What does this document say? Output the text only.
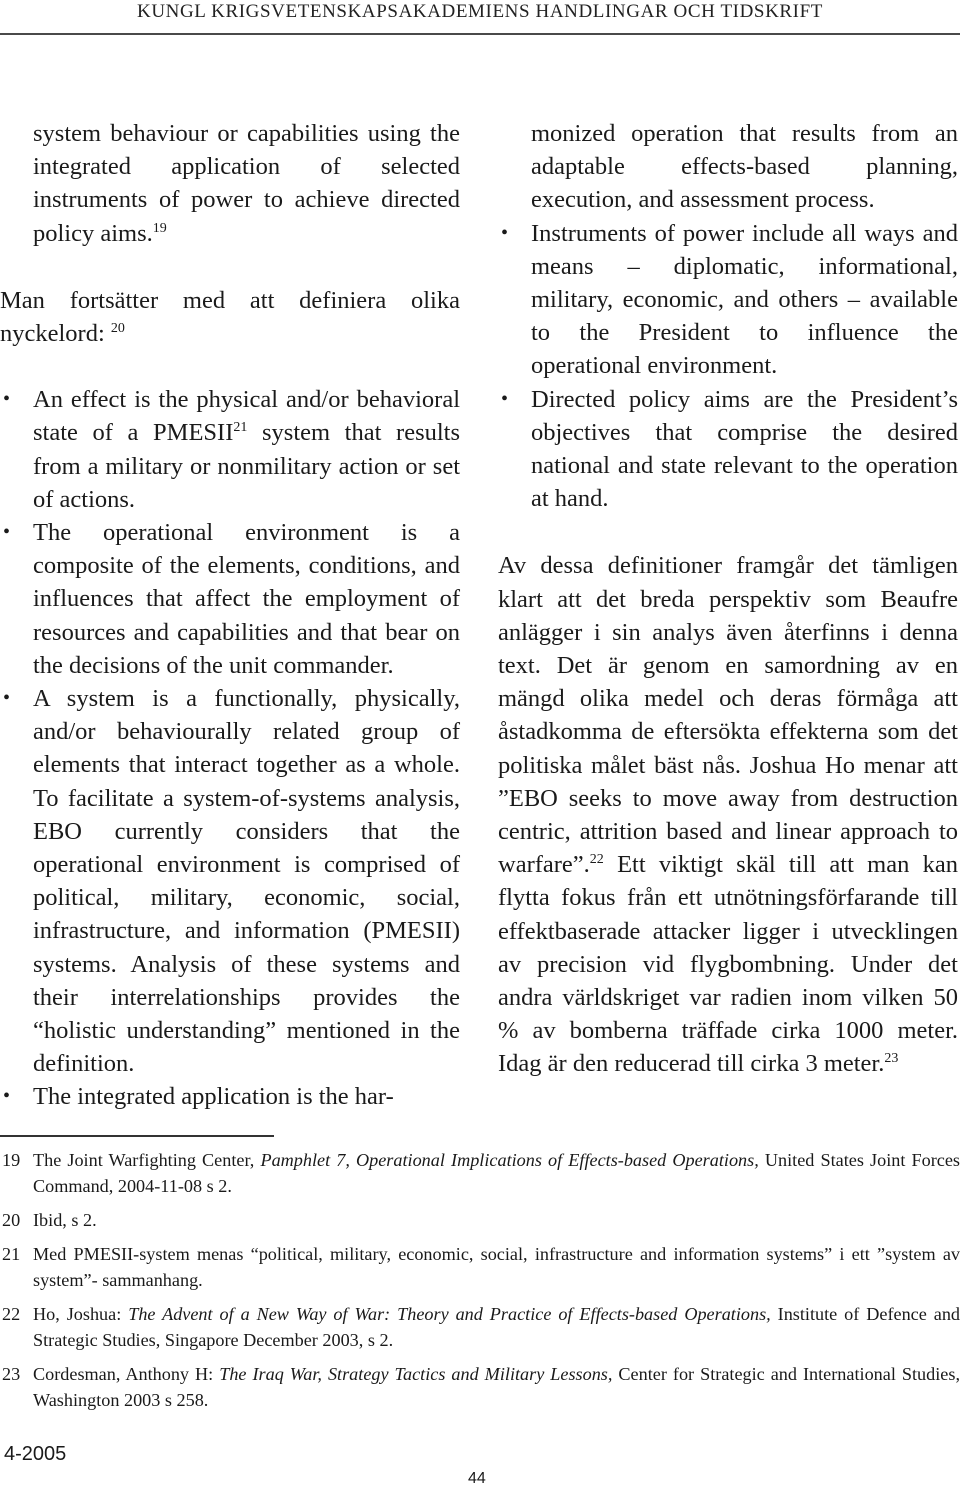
KUNGL KRIGSVETENSKAPSAKADEMIENS HANDLINGAR OCH TIDSKRIFT

system behaviour or capabilities using the integrated application of selected instruments of power to achieve directed policy aims.$^{19}$

Man fortsätter med att definiera olika nyckelord: $^{20}$

• An effect is the physical and/or behavioral state of a PMESII$^{21}$ system that results from a military or nonmilitary action or set of actions.
• The operational environment is a composite of the elements, conditions, and influences that affect the employment of resources and capabilities and that bear on the decisions of the unit commander.
• A system is a functionally, physically, and/or behaviourally related group of elements that interact together as a whole. To facilitate a system-of-systems analysis, EBO currently considers that the operational environment is comprised of political, military, economic, social, infrastructure, and information (PMESII) systems. Analysis of these systems and their interrelationships provides the “holistic understanding” mentioned in the definition.
• The integrated application is the har-

monized operation that results from an adaptable effects-based planning, execution, and assessment process.

• Instruments of power include all ways and means – diplomatic, informational, military, economic, and others – available to the President to influence the operational environment.
• Directed policy aims are the President’s objectives that comprise the desired national and state relevant to the operation at hand.

Av dessa definitioner framgår det tämligen klart att det breda perspektiv som Beaufre anlägger i sin analys även återfinns i denna text. Det är genom en samordning av en mängd olika medel och deras förmåga att åstadkomma de eftersökta effekterna som det politiska målet bäst nås. Joshua Ho menar att ”EBO seeks to move away from destruction centric, attrition based and linear approach to warfare”.$^{22}$ Ett viktigt skäl till att man kan flytta fokus från ett utnötningsförfarande till effektbaserade attacker ligger i utvecklingen av precision vid flygbombning. Under det andra världskriget var radien inom vilken 50 % av bomberna träffade cirka 1000 meter. Idag är den reducerad till cirka 3 meter.$^{23}$

19 The Joint Warfighting Center, Pamphlet 7, Operational Implications of Effects-based Operations, United States Joint Forces Command, 2004-11-08 s 2.
20 Ibid, s 2.
21 Med PMESII-system menas “political, military, economic, social, infrastructure and information systems” i ett ”system av system”- sammanhang.
22 Ho, Joshua: The Advent of a New Way of War: Theory and Practice of Effects-based Operations, Institute of Defence and Strategic Studies, Singapore December 2003, s 2.
23 Cordesman, Anthony H: The Iraq War, Strategy Tactics and Military Lessons, Center for Strategic and International Studies, Washington 2003 s 258.
4-2005
44
